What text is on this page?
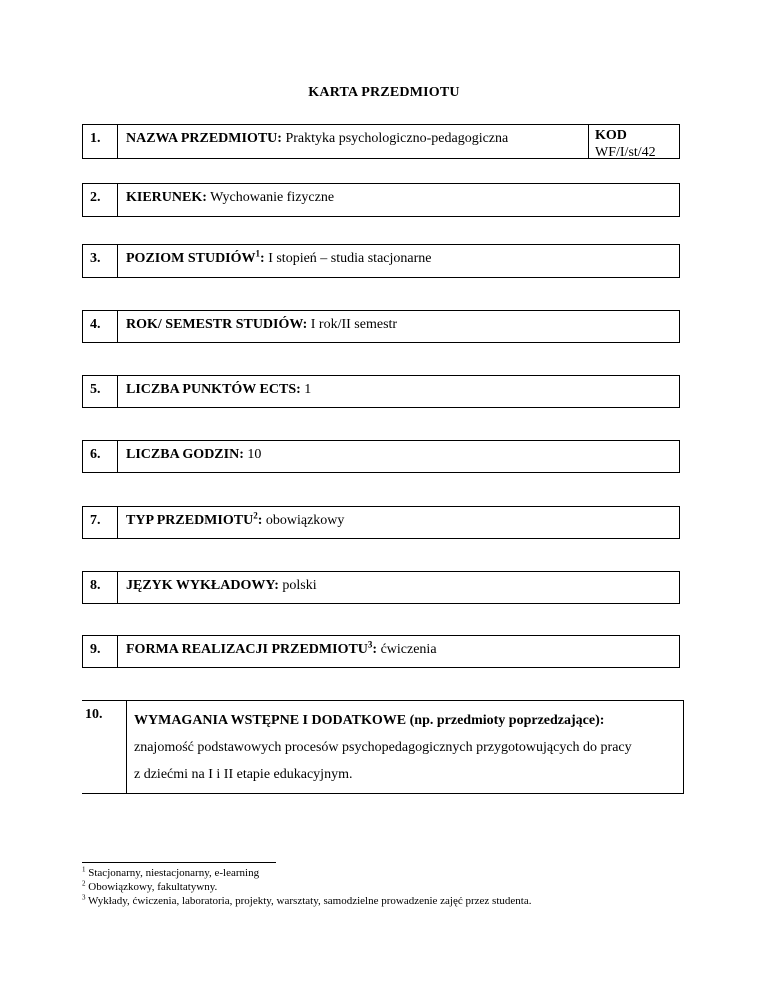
KARTA PRZEDMIOTU
1.	NAZWA PRZEDMIOTU: Praktyka psychologiczno-pedagogiczna	KOD
WF/I/st/42
2.	KIERUNEK: Wychowanie fizyczne
3.	POZIOM STUDIÓW$^1$: I stopień – studia stacjonarne
4.	ROK/ SEMESTR STUDIÓW: I rok/II semestr
5.	LICZBA PUNKTÓW ECTS: 1
6.	LICZBA GODZIN: 10
7.	TYP PRZEDMIOTU$^2$: obowiązkowy
8.	JĘZYK WYKŁADOWY: polski
9.	FORMA REALIZACJI PRZEDMIOTU$^3$: ćwiczenia
10. WYMAGANIA WSTĘPNE I DODATKOWE (np. przedmioty poprzedzające):
znajomość podstawowych procesów psychopedagogicznych przygotowujących do pracy
z dziećmi na I i II etapie edukacyjnym.
$^1$ Stacjonarny, niestacjonarny, e-learning
$^2$ Obowiązkowy, fakultatywny.
$^3$ Wykłady, ćwiczenia, laboratoria, projekty, warsztaty, samodzielne prowadzenie zajęć przez studenta.
